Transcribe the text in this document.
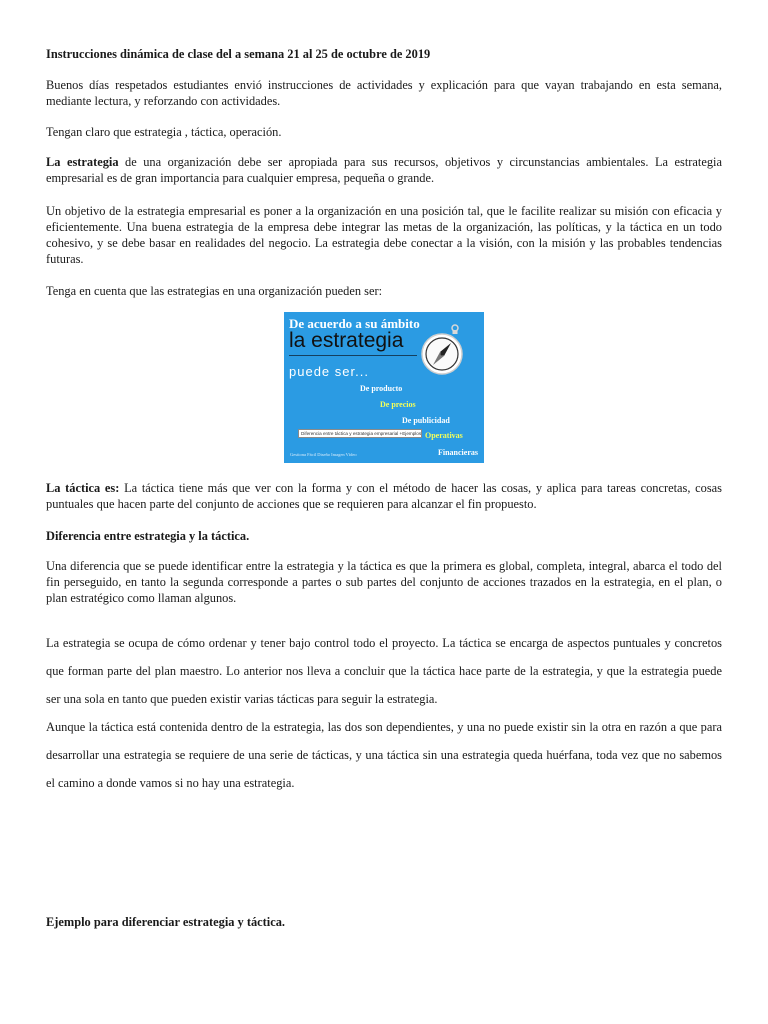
Instrucciones dinámica de clase del a semana 21 al 25 de octubre de 2019

Buenos días respetados estudiantes envió instrucciones de actividades y explicación para que vayan trabajando en esta semana, mediante lectura, y reforzando con actividades.

Tengan claro que estrategia , táctica, operación.

La estrategia de una organización debe ser apropiada para sus recursos, objetivos y circunstancias ambientales. La estrategia empresarial es de gran importancia para cualquier empresa, pequeña o grande.

Un objetivo de la estrategia empresarial es poner a la organización en una posición tal, que le facilite realizar su misión con eficacia y eficientemente. Una buena estrategia de la empresa debe integrar las metas de la organización, las políticas, y la táctica en un todo cohesivo, y se debe basar en realidades del negocio. La estrategia debe conectar a la visión, con la misión y las probables tendencias futuras.

Tenga en cuenta que las estrategias en una organización pueden ser:

De acuerdo a su ámbito
la estrategia
puede ser...
De producto
De precios
De publicidad
Diferencia entre táctica y estrategia empresarial +Ejemplos Operativas
Gestiona Fácil Diseño Imagen Vídeo	Financieras

La táctica es: La táctica tiene más que ver con la forma y con el método de hacer las cosas, y aplica para tareas concretas, cosas puntuales que hacen parte del conjunto de acciones que se requieren para alcanzar el fin propuesto.

Diferencia entre estrategia y la táctica.

Una diferencia que se puede identificar entre la estrategia y la táctica es que la primera es global, completa, integral, abarca el todo del fin perseguido, en tanto la segunda corresponde a partes o sub partes del conjunto de acciones trazados en la estrategia, en el plan, o plan estratégico como llaman algunos.

La estrategia se ocupa de cómo ordenar y tener bajo control todo el proyecto. La táctica se encarga de aspectos puntuales y concretos que forman parte del plan maestro. Lo anterior nos lleva a concluir que la táctica hace parte de la estrategia, y que la estrategia puede ser una sola en tanto que pueden existir varias tácticas para seguir la estrategia.

Aunque la táctica está contenida dentro de la estrategia, las dos son dependientes, y una no puede existir sin la otra en razón a que para desarrollar una estrategia se requiere de una serie de tácticas, y una táctica sin una estrategia queda huérfana, toda vez que no sabemos el camino a donde vamos si no hay una estrategia.

Ejemplo para diferenciar estrategia y táctica.
